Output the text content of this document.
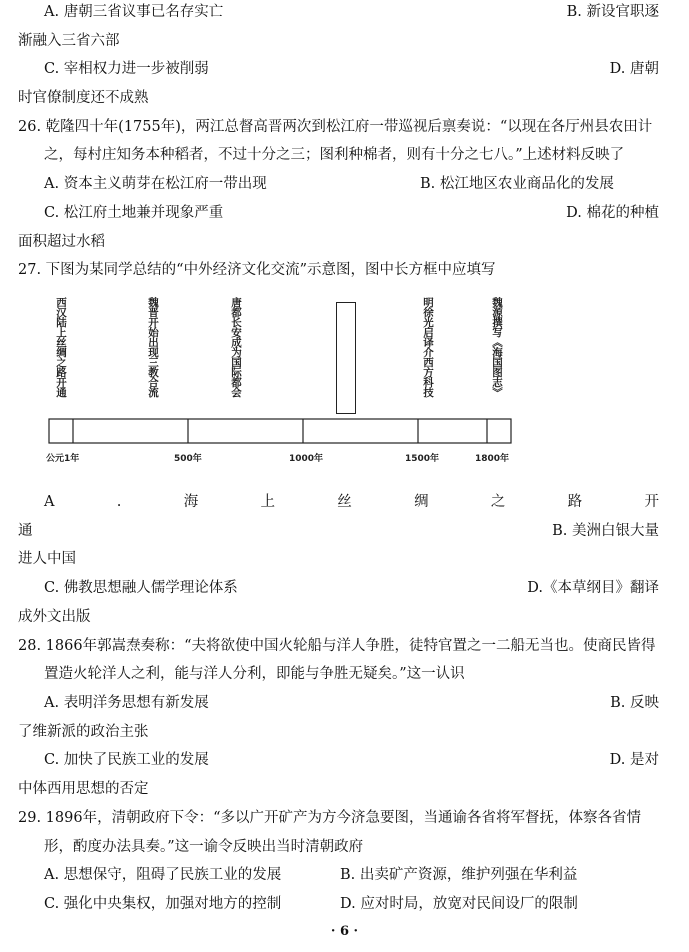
A. 唐朝三省议事已名存实亡	B. 新设官职逐
渐融入三省六部
C. 宰相权力进一步被削弱	D. 唐朝
时官僚制度还不成熟
26. 乾隆四十年(1755年)，两江总督高晋两次到松江府一带巡视后禀奏说：“以现在各厅州县农田计
之，每村庄知务本种稻者，不过十分之三；图利种棉者，则有十分之七八。”上述材料反映了
A. 资本主义萌芽在松江府一带出现	B. 松江地区农业商品化的发展
C. 松江府土地兼并现象严重	D. 棉花的种植
面积超过水稻
27. 下图为某同学总结的“中外经济文化交流”示意图，图中长方框中应填写
西汉陆上丝绸之路开通	魏晋开始出现三教合流	唐都长安成为国际都会	明徐光启译介西方科技	魏源撰写《海国图志》
公元1年	500年	1000年	1500年	1800年
A	.	海	上	丝	绸	之	路	开
通	B. 美洲白银大量
进人中国
C. 佛教思想融人儒学理论体系	D.《本草纲目》翻译
成外文出版
28. 1866年郭嵩焘奏称：“夫将欲使中国火轮船与洋人争胜，徒特官置之一二船无当也。使商民皆得
置造火轮洋人之利，能与洋人分利，即能与争胜无疑矣。”这一认识
A. 表明洋务思想有新发展	B. 反映
了维新派的政治主张
C. 加快了民族工业的发展	D. 是对
中体西用思想的否定
29. 1896年，清朝政府下令：“多以广开矿产为方今济急要图，当通谕各省将军督抚，体察各省情
形，酌度办法具奏。”这一谕令反映出当时清朝政府
A. 思想保守，阻碍了民族工业的发展	B. 出卖矿产资源，维护列强在华利益
C. 强化中央集权，加强对地方的控制	D. 应对时局，放宽对民间设厂的限制
· 6 ·
